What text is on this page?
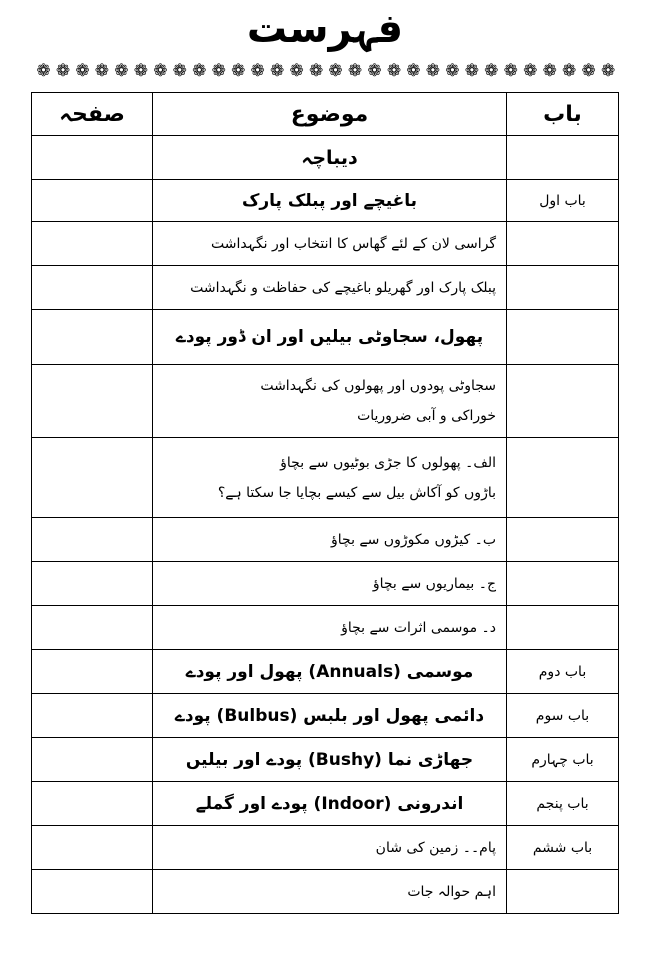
فہرست
❁ ❁ ❁ ❁ ❁ ❁ ❁ ❁ ❁ ❁ ❁ ❁ ❁ ❁ ❁ ❁ ❁ ❁ ❁ ❁ ❁ ❁ ❁ ❁ ❁ ❁ ❁ ❁ ❁ ❁
باب	موضوع	صفحہ

	دیباچہ	

باب اول	باغیچے اور پبلک پارک	

	گراسی لان کے لئے گھاس کا انتخاب اور نگہداشت	

	پبلک پارک اور گھریلو باغیچے کی حفاظت و نگہداشت	

	پھول، سجاوٹی بیلیں اور ان ڈور پودے	

	سجاوٹی پودوں اور پھولوں کی نگہداشت
خوراکی و آبی ضروریات	

	الف۔ پھولوں کا جڑی بوٹیوں سے بچاؤ
باڑوں کو آکاش بیل سے کیسے بچایا جا سکتا ہے؟	

	ب۔ کیڑوں مکوڑوں سے بچاؤ	

	ج۔ بیماریوں سے بچاؤ	

	د۔ موسمی اثرات سے بچاؤ	

باب دوم	موسمی (Annuals) پھول اور پودے	

باب سوم	دائمی پھول اور بلبس (Bulbus) پودے	

باب چہارم	جھاڑی نما (Bushy) پودے اور بیلیں	

باب پنجم	اندرونی (Indoor) پودے اور گملے	

باب ششم	پام۔۔ زمین کی شان	

	اہم حوالہ جات	
